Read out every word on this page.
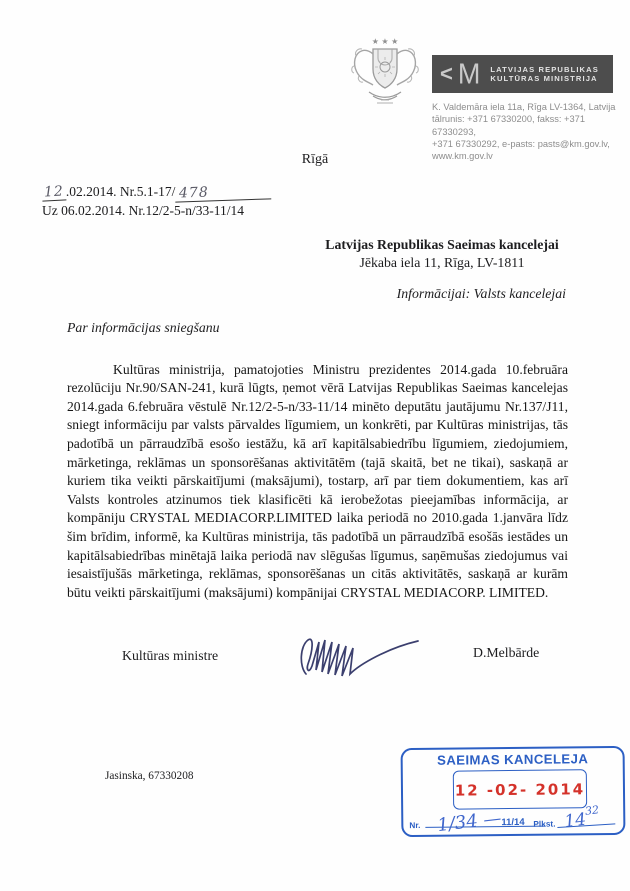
★ ★ ★
< M LATVIJAS REPUBLIKAS
KULTŪRAS MINISTRIJA
K. Valdemāra iela 11a, Rīga LV-1364, Latvija
tālrunis: +371 67330200, fakss: +371 67330293,
+371 67330292, e-pasts: pasts@km.gov.lv,
www.km.gov.lv
Rīgā
12 .02.2014. Nr.5.1-17/ 478
Uz 06.02.2014. Nr.12/2-5-n/33-11/14
Latvijas Republikas Saeimas kancelejai
Jēkaba iela 11, Rīga, LV-1811
Informācijai: Valsts kancelejai
Par informācijas sniegšanu

Kultūras ministrija, pamatojoties Ministru prezidentes 2014.gada 10.februāra rezolūciju Nr.90/SAN-241, kurā lūgts, ņemot vērā Latvijas Republikas Saeimas kancelejas 2014.gada 6.februāra vēstulē Nr.12/2-5-n/33-11/14 minēto deputātu jautājumu Nr.137/J11, sniegt informāciju par valsts pārvaldes līgumiem, un konkrēti, par Kultūras ministrijas, tās padotībā un pārraudzībā esošo iestāžu, kā arī kapitālsabiedrību līgumiem, ziedojumiem, mārketinga, reklāmas un sponsorēšanas aktivitātēm (tajā skaitā, bet ne tikai), saskaņā ar kuriem tika veikti pārskaitījumi (maksājumi), tostarp, arī par tiem dokumentiem, kas arī Valsts kontroles atzinumos tiek klasificēti kā ierobežotas pieejamības informācija, ar kompāniju CRYSTAL MEDIACORP.LIMITED laika periodā no 2010.gada 1.janvāra līdz šim brīdim, informē, ka Kultūras ministrija, tās padotībā un pārraudzībā esošās iestādes un kapitālsabiedrības minētajā laika periodā nav slēgušas līgumus, saņēmušas ziedojumus vai iesaistījušās mārketinga, reklāmas, sponsorēšanas un citās aktivitātēs, saskaņā ar kurām būtu veikti pārskaitījumi (maksājumi) kompānijai CRYSTAL MEDIACORP. LIMITED.

Kultūras ministre	D.Melbārde
Jasinska, 67330208
SAEIMAS KANCELEJA
12 -02- 2014
Nr. 1/34 —
11/14 Plkst. $14^{32}$
